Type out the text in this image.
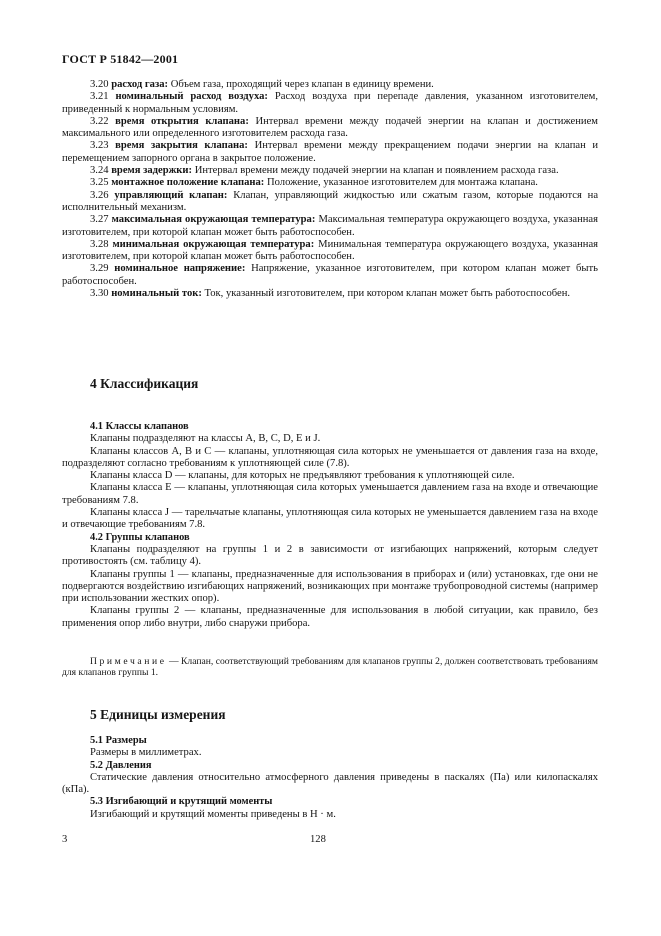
ГОСТ Р 51842—2001

3.20 расход газа: Объем газа, проходящий через клапан в единицу времени.

3.21 номинальный расход воздуха: Расход воздуха при перепаде давления, указанном изготовителем, приведенный к нормальным условиям.

3.22 время открытия клапана: Интервал времени между подачей энергии на клапан и достижением максимального или определенного изготовителем расхода газа.

3.23 время закрытия клапана: Интервал времени между прекращением подачи энергии на клапан и перемещением запорного органа в закрытое положение.

3.24 время задержки: Интервал времени между подачей энергии на клапан и появлением расхода газа.

3.25 монтажное положение клапана: Положение, указанное изготовителем для монтажа клапана.

3.26 управляющий клапан: Клапан, управляющий жидкостью или сжатым газом, которые подаются на исполнительный механизм.

3.27 максимальная окружающая температура: Максимальная температура окружающего воздуха, указанная изготовителем, при которой клапан может быть работоспособен.

3.28 минимальная окружающая температура: Минимальная температура окружающего воздуха, указанная изготовителем, при которой клапан может быть работоспособен.

3.29 номинальное напряжение: Напряжение, указанное изготовителем, при котором клапан может быть работоспособен.

3.30 номинальный ток: Ток, указанный изготовителем, при котором клапан может быть работоспособен.

4 Классификация

4.1 Классы клапанов

Клапаны подразделяют на классы А, В, С, D, Е и J.

Клапаны классов А, В и С — клапаны, уплотняющая сила которых не уменьшается от давления газа на входе, подразделяют согласно требованиям к уплотняющей силе (7.8).

Клапаны класса D — клапаны, для которых не предъявляют требования к уплотняющей силе.

Клапаны класса Е — клапаны, уплотняющая сила которых уменьшается давлением газа на входе и отвечающие требованиям 7.8.

Клапаны класса J — тарельчатые клапаны, уплотняющая сила которых не уменьшается давлением газа на входе и отвечающие требованиям 7.8.

4.2 Группы клапанов

Клапаны подразделяют на группы 1 и 2 в зависимости от изгибающих напряжений, которым следует противостоять (см. таблицу 4).

Клапаны группы 1 — клапаны, предназначенные для использования в приборах и (или) установках, где они не подвергаются воздействию изгибающих напряжений, возникающих при монтаже трубопроводной системы (например при использовании жестких опор).

Клапаны группы 2 — клапаны, предназначенные для использования в любой ситуации, как правило, без применения опор либо внутри, либо снаружи прибора.

Примечание — Клапан, соответствующий требованиям для клапанов группы 2, должен соответствовать требованиям для клапанов группы 1.

5 Единицы измерения

5.1 Размеры

Размеры в миллиметрах.

5.2 Давления

Статические давления относительно атмосферного давления приведены в паскалях (Па) или килопаскалях (кПа).

5.3 Изгибающий и крутящий моменты

Изгибающий и крутящий моменты приведены в Н · м.

3	128
